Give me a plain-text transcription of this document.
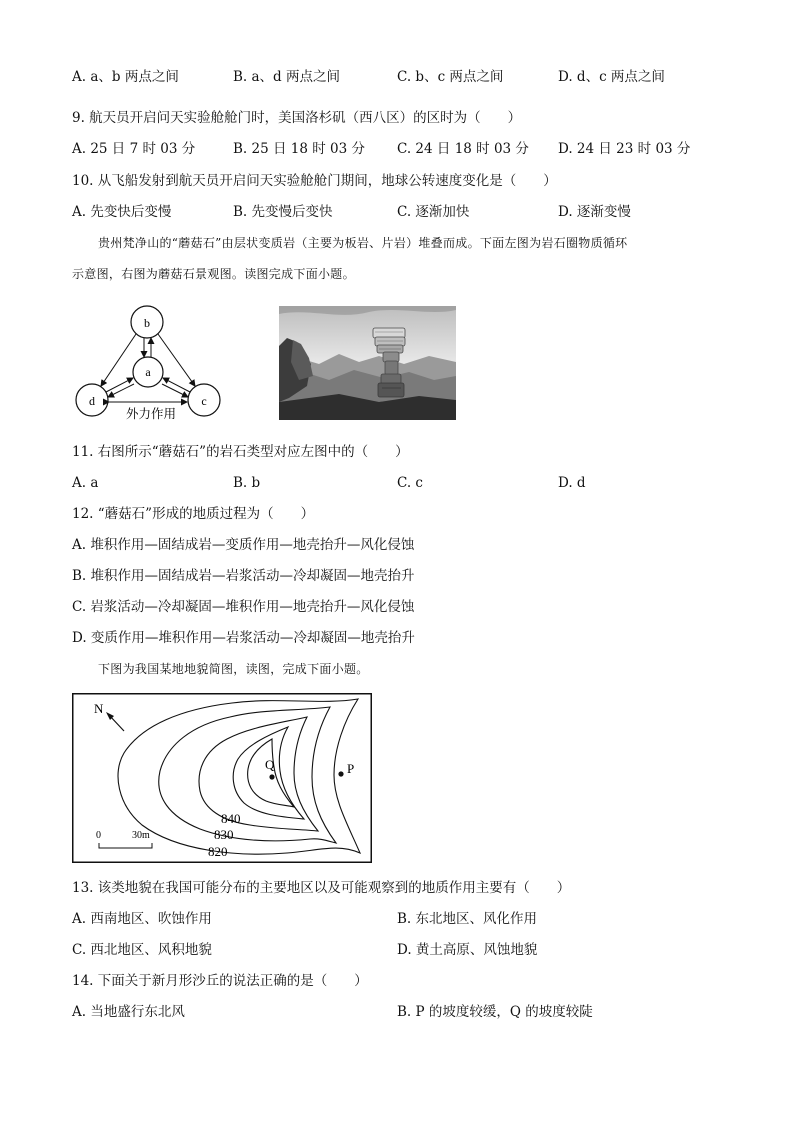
A. a、b 两点之间	B. a、d 两点之间	C. b、c 两点之间	D. d、c 两点之间
9. 航天员开启问天实验舱舱门时，美国洛杉矶（西八区）的区时为（　　）
A. 25 日 7 时 03 分	B. 25 日 18 时 03 分 C. 24 日 18 时 03 分 D. 24 日 23 时 03 分
10. 从飞船发射到航天员开启问天实验舱舱门期间，地球公转速度变化是（　　）
A. 先变快后变慢	B. 先变慢后变快	C. 逐渐加快	D. 逐渐变慢
贵州梵净山的“蘑菇石”由层状变质岩（主要为板岩、片岩）堆叠而成。下面左图为岩石圈物质循环
示意图，右图为蘑菇石景观图。读图完成下面小题。
b
a
d	c
外力作用
11. 右图所示“蘑菇石”的岩石类型对应左图中的（　　）
A. a	B. b	C. c	D. d
12. “蘑菇石”形成的地质过程为（　　）
A. 堆积作用—固结成岩—变质作用—地壳抬升—风化侵蚀
B. 堆积作用—固结成岩—岩浆活动—冷却凝固—地壳抬升
C. 岩浆活动—冷却凝固—堆积作用—地壳抬升—风化侵蚀
D. 变质作用—堆积作用—岩浆活动—冷却凝固—地壳抬升
下图为我国某地地貌简图，读图，完成下面小题。
N
Q	P
840
830
820
0	30m
13. 该类地貌在我国可能分布的主要地区以及可能观察到的地质作用主要有（　　）
A. 西南地区、吹蚀作用	B. 东北地区、风化作用
C. 西北地区、风积地貌	D. 黄土高原、风蚀地貌
14. 下面关于新月形沙丘的说法正确的是（　　）
A. 当地盛行东北风	B. P 的坡度较缓，Q 的坡度较陡
